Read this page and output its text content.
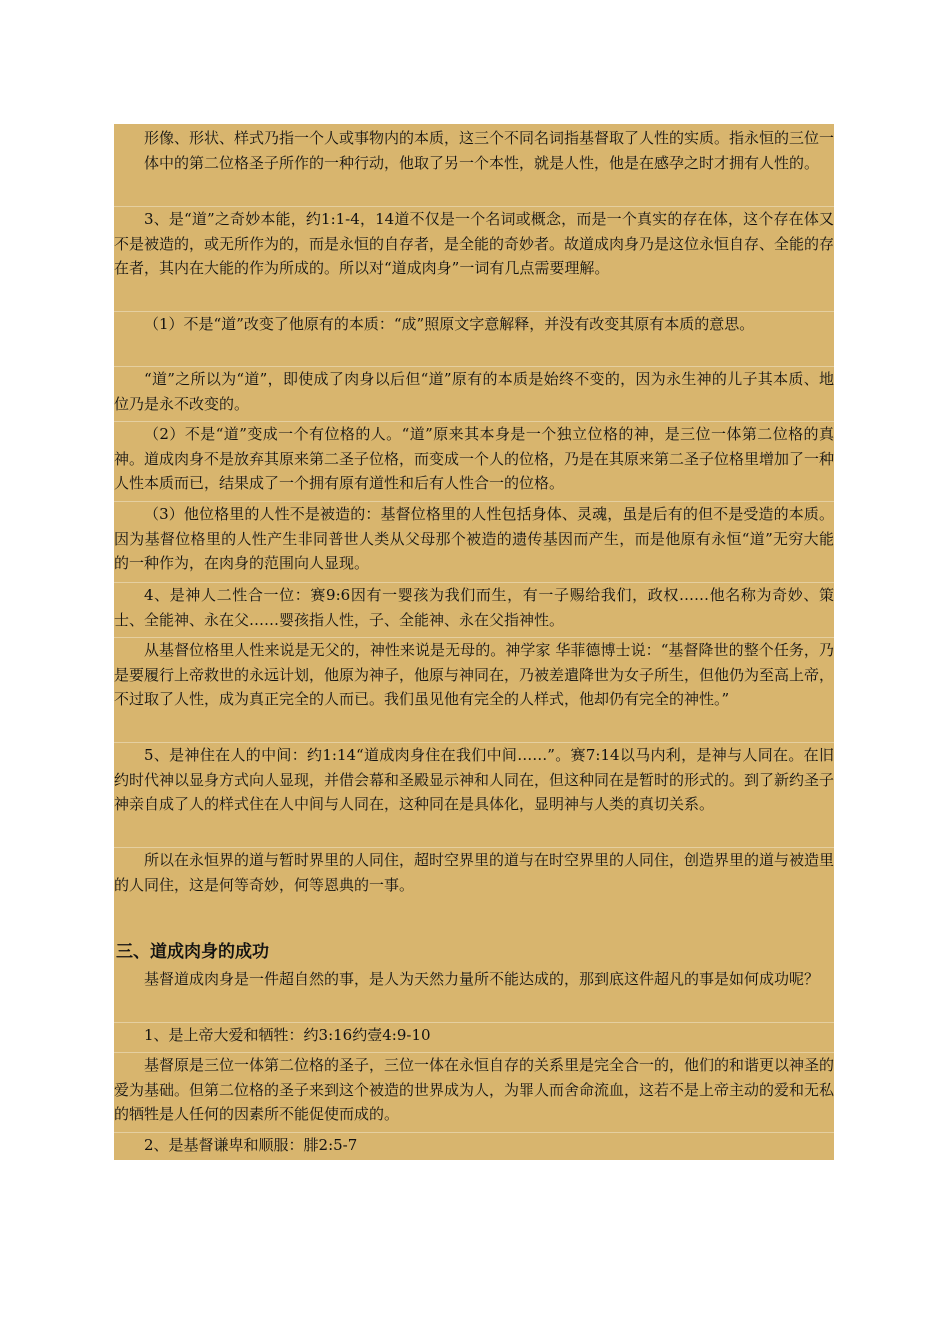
形像、形状、样式乃指一个人或事物内的本质，这三个不同名词指基督取了人性的实质。指永恒的三位一体中的第二位格圣子所作的一种行动，他取了另一个本性，就是人性，他是在感孕之时才拥有人性的。

3、是“道”之奇妙本能，约1:1-4，14道不仅是一个名词或概念，而是一个真实的存在体，这个存在体又不是被造的，或无所作为的，而是永恒的自存者，是全能的奇妙者。故道成肉身乃是这位永恒自存、全能的存在者，其内在大能的作为所成的。所以对“道成肉身”一词有几点需要理解。

（1）不是“道”改变了他原有的本质：“成”照原文字意解释，并没有改变其原有本质的意思。

“道”之所以为“道”，即使成了肉身以后但“道”原有的本质是始终不变的，因为永生神的儿子其本质、地位乃是永不改变的。

（2）不是“道”变成一个有位格的人。“道”原来其本身是一个独立位格的神，是三位一体第二位格的真神。道成肉身不是放弃其原来第二圣子位格，而变成一个人的位格，乃是在其原来第二圣子位格里增加了一种人性本质而已，结果成了一个拥有原有道性和后有人性合一的位格。

（3）他位格里的人性不是被造的：基督位格里的人性包括身体、灵魂，虽是后有的但不是受造的本质。因为基督位格里的人性产生非同普世人类从父母那个被造的遗传基因而产生，而是他原有永恒“道”无穷大能的一种作为，在肉身的范围向人显现。

4、是神人二性合一位：赛9:6因有一婴孩为我们而生，有一子赐给我们，政权……他名称为奇妙、策士、全能神、永在父……婴孩指人性，子、全能神、永在父指神性。

从基督位格里人性来说是无父的，神性来说是无母的。神学家 华菲德博士说：“基督降世的整个任务，乃是要履行上帝救世的永远计划，他原为神子，他原与神同在，乃被差遣降世为女子所生，但他仍为至高上帝，不过取了人性，成为真正完全的人而已。我们虽见他有完全的人样式，他却仍有完全的神性。”

5、是神住在人的中间：约1:14“道成肉身住在我们中间……”。赛7:14以马内利，是神与人同在。在旧约时代神以显身方式向人显现，并借会幕和圣殿显示神和人同在，但这种同在是暂时的形式的。到了新约圣子神亲自成了人的样式住在人中间与人同在，这种同在是具体化，显明神与人类的真切关系。

所以在永恒界的道与暂时界里的人同住，超时空界里的道与在时空界里的人同住，创造界里的道与被造里的人同住，这是何等奇妙，何等恩典的一事。

三、道成肉身的成功

基督道成肉身是一件超自然的事，是人为天然力量所不能达成的，那到底这件超凡的事是如何成功呢？

1、是上帝大爱和牺牲：约3:16约壹4:9-10

基督原是三位一体第二位格的圣子，三位一体在永恒自存的关系里是完全合一的，他们的和谐更以神圣的爱为基础。但第二位格的圣子来到这个被造的世界成为人，为罪人而舍命流血，这若不是上帝主动的爱和无私的牺牲是人任何的因素所不能促使而成的。

2、是基督谦卑和顺服：腓2:5-7
